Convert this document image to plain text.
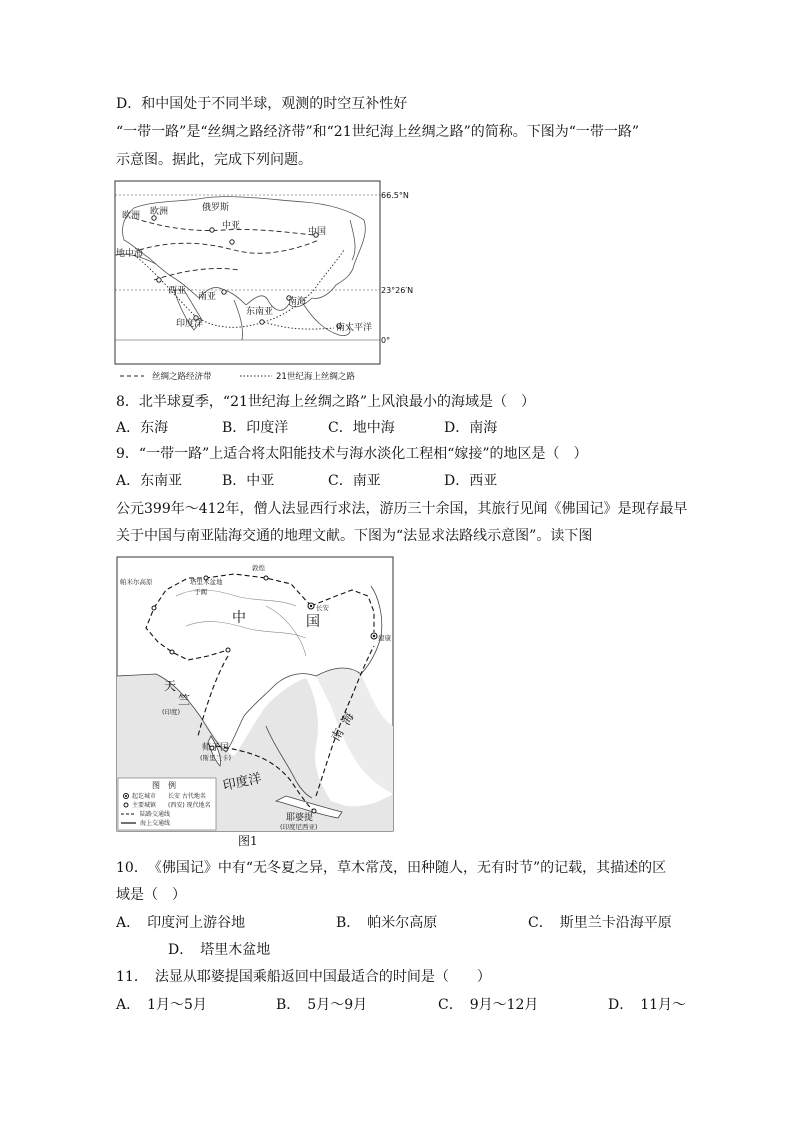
D．和中国处于不同半球，观测的时空互补性好
“一带一路”是“丝绸之路经济带”和“21世纪海上丝绸之路”的简称。下图为“一带一路”
示意图。据此，完成下列问题。
欧洲 欧洲	俄罗斯
中亚
中国
地中海
西亚
南亚	南海
东南亚
印度洋	南太平洋
66.5°N
23°26′N
0°
丝绸之路经济带	21世纪海上丝绸之路
8．北半球夏季，“21世纪海上丝绸之路”上风浪最小的海域是（　）
A．东海	B．印度洋	C．地中海	D．南海
9．“一带一路”上适合将太阳能技术与海水淡化工程相“嫁接”的地区是（　）
A．东南亚	B．中亚	C．南亚	D．西亚
公元399年～412年，僧人法显西行求法，游历三十余国，其旅行见闻《佛国记》是现存最早
关于中国与南亚陆海交通的地理文献。下图为“法显求法路线示意图”。读下图
帕米尔高原	塔里木盆地
于阗
敦煌
长安
建康
中	国
天
竺
(印度)
师子国
(斯里兰卡)
南
海
印度洋
耶婆提
(印度尼西亚)
图　例
起讫城市 长安 古代地名
主要城镇 (西安) 现代地名
陆路交通线
海上交通线
图1
10．　《佛国记》中有“无冬夏之异，草木常茂，田种随人，无有时节”的记载，其描述的区
域是（　）
A．　印度河上游谷地	B．　帕米尔高原	C．　斯里兰卡沿海平原
D．　塔里木盆地
11．　法显从耶婆提国乘船返回中国最适合的时间是（　　）
A．　1月～5月	B．　5月～9月	C．　9月～12月	D．　11月～
